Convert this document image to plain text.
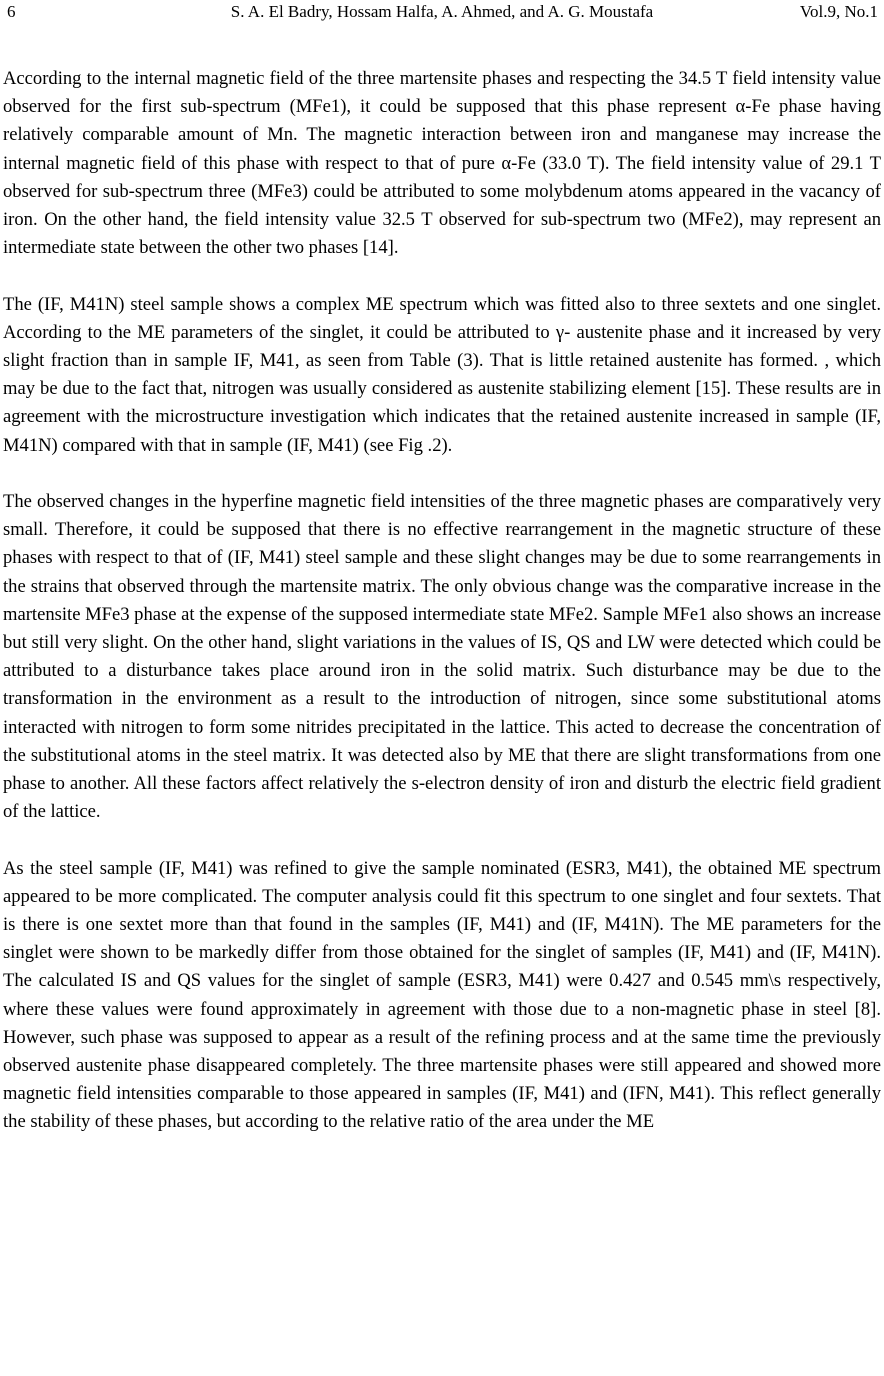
6	S. A. El Badry, Hossam Halfa, A. Ahmed, and A. G. Moustafa	Vol.9, No.1

According to the internal magnetic field of the three martensite phases and respecting the 34.5 T field intensity value observed for the first sub-spectrum (MFe1), it could be supposed that this phase represent α-Fe phase having relatively comparable amount of Mn. The magnetic interaction between iron and manganese may increase the internal magnetic field of this phase with respect to that of pure α-Fe (33.0 T). The field intensity value of 29.1 T observed for sub-spectrum three (MFe3) could be attributed to some molybdenum atoms appeared in the vacancy of iron. On the other hand, the field intensity value 32.5 T observed for sub-spectrum two (MFe2), may represent an intermediate state between the other two phases [14].

The (IF, M41N) steel sample shows a complex ME spectrum which was fitted also to three sextets and one singlet. According to the ME parameters of the singlet, it could be attributed to γ- austenite phase and it increased by very slight fraction than in sample IF, M41, as seen from Table (3). That is little retained austenite has formed. , which may be due to the fact that, nitrogen was usually considered as austenite stabilizing element [15]. These results are in agreement with the microstructure investigation which indicates that the retained austenite increased in sample (IF, M41N) compared with that in sample (IF, M41) (see Fig .2).

The observed changes in the hyperfine magnetic field intensities of the three magnetic phases are comparatively very small. Therefore, it could be supposed that there is no effective rearrangement in the magnetic structure of these phases with respect to that of (IF, M41) steel sample and these slight changes may be due to some rearrangements in the strains that observed through the martensite matrix. The only obvious change was the comparative increase in the martensite MFe3 phase at the expense of the supposed intermediate state MFe2. Sample MFe1 also shows an increase but still very slight. On the other hand, slight variations in the values of IS, QS and LW were detected which could be attributed to a disturbance takes place around iron in the solid matrix. Such disturbance may be due to the transformation in the environment as a result to the introduction of nitrogen, since some substitutional atoms interacted with nitrogen to form some nitrides precipitated in the lattice. This acted to decrease the concentration of the substitutional atoms in the steel matrix. It was detected also by ME that there are slight transformations from one phase to another. All these factors affect relatively the s-electron density of iron and disturb the electric field gradient of the lattice.

As the steel sample (IF, M41) was refined to give the sample nominated (ESR3, M41), the obtained ME spectrum appeared to be more complicated. The computer analysis could fit this spectrum to one singlet and four sextets. That is there is one sextet more than that found in the samples (IF, M41) and (IF, M41N). The ME parameters for the singlet were shown to be markedly differ from those obtained for the singlet of samples (IF, M41) and (IF, M41N). The calculated IS and QS values for the singlet of sample (ESR3, M41) were 0.427 and 0.545 mm\s respectively, where these values were found approximately in agreement with those due to a non-magnetic phase in steel [8]. However, such phase was supposed to appear as a result of the refining process and at the same time the previously observed austenite phase disappeared completely. The three martensite phases were still appeared and showed more magnetic field intensities comparable to those appeared in samples (IF, M41) and (IFN, M41). This reflect generally the stability of these phases, but according to the relative ratio of the area under the ME
